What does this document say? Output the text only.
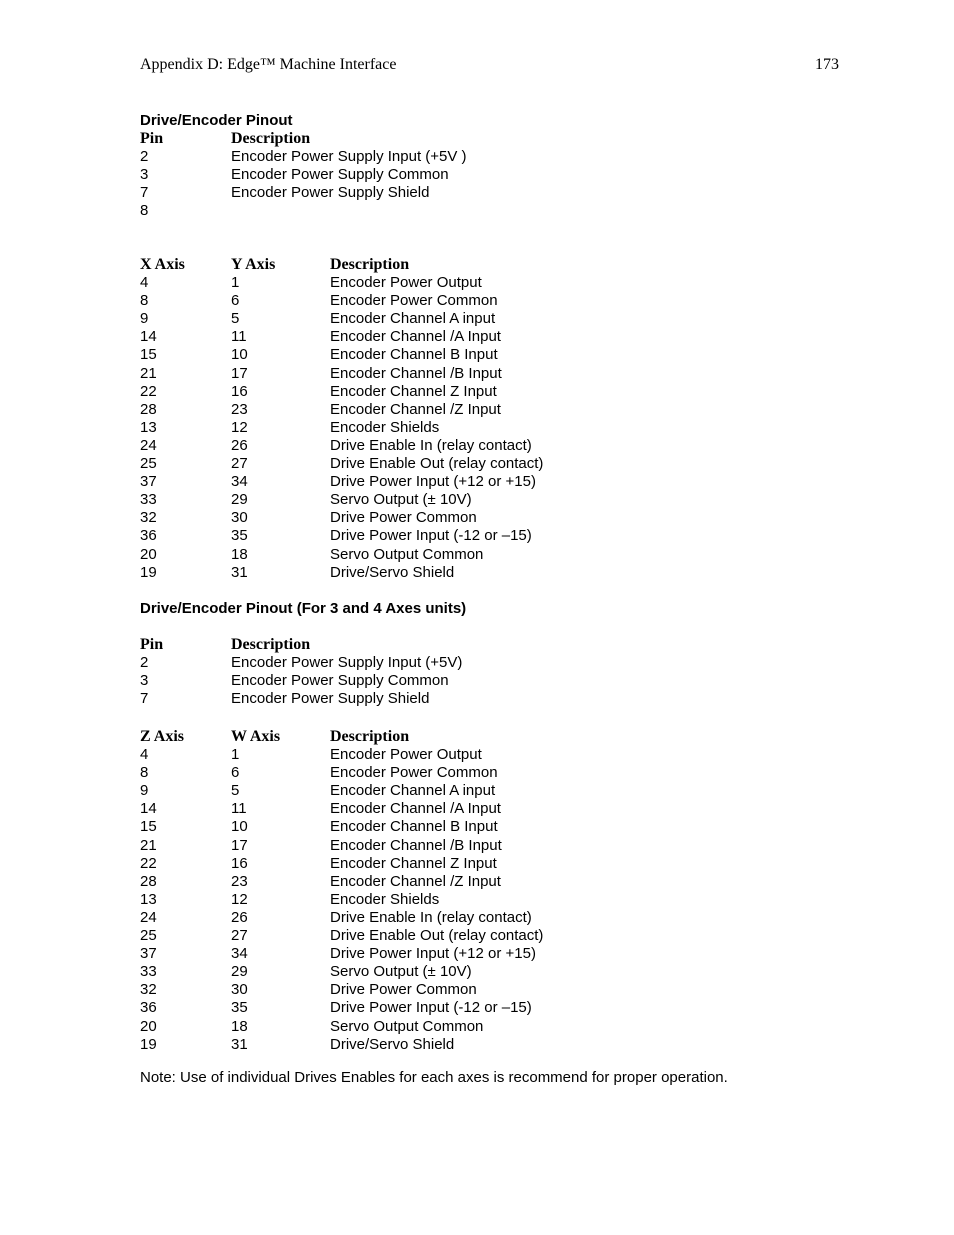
Appendix D: Edge™ Machine Interface	173
Drive/Encoder Pinout
Pin	Description
2	Encoder Power Supply Input (+5V )
3	Encoder Power Supply Common
7	Encoder Power Supply Shield
8
X Axis	Y Axis	Description
4	1	Encoder Power Output
8	6	Encoder Power Common
9	5	Encoder Channel A input
14	11	Encoder Channel /A Input
15	10	Encoder Channel B Input
21	17	Encoder Channel /B Input
22	16	Encoder Channel Z Input
28	23	Encoder Channel /Z Input
13	12	Encoder Shields
24	26	Drive Enable In (relay contact)
25	27	Drive Enable Out (relay contact)
37	34	Drive Power Input (+12 or +15)
33	29	Servo Output (± 10V)
32	30	Drive Power Common
36	35	Drive Power Input (-12 or –15)
20	18	Servo Output Common
19	31	Drive/Servo Shield
Drive/Encoder Pinout (For 3 and 4 Axes units)
Pin	Description
2	Encoder Power Supply Input (+5V)
3	Encoder Power Supply Common
7	Encoder Power Supply Shield
Z Axis	W Axis	Description
4	1	Encoder Power Output
8	6	Encoder Power Common
9	5	Encoder Channel A input
14	11	Encoder Channel /A Input
15	10	Encoder Channel B Input
21	17	Encoder Channel /B Input
22	16	Encoder Channel Z Input
28	23	Encoder Channel /Z Input
13	12	Encoder Shields
24	26	Drive Enable In (relay contact)
25	27	Drive Enable Out (relay contact)
37	34	Drive Power Input (+12 or +15)
33	29	Servo Output (± 10V)
32	30	Drive Power Common
36	35	Drive Power Input (-12 or –15)
20	18	Servo Output Common
19	31	Drive/Servo Shield
Note: Use of individual Drives Enables for each axes is recommend for proper operation.
